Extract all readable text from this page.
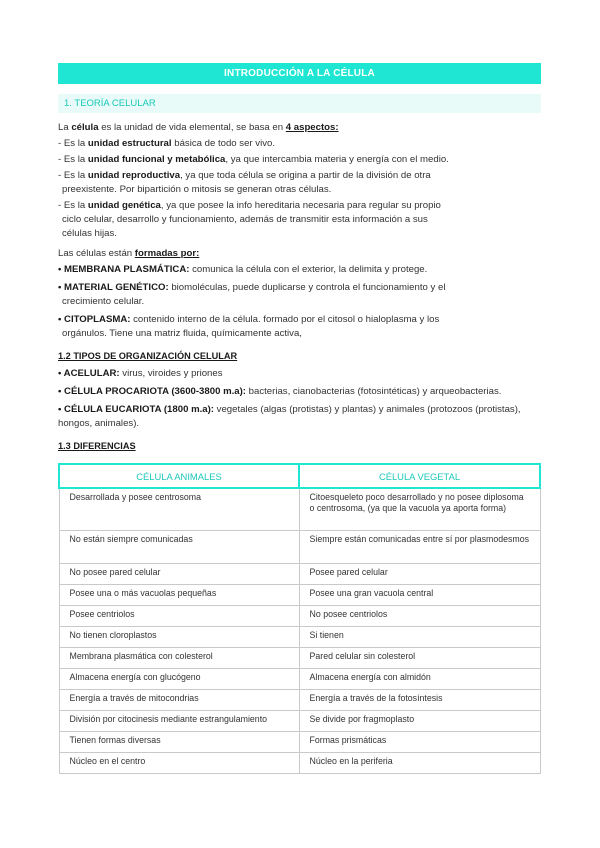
INTRODUCCIÓN A LA CÉLULA
1. TEORÍA CELULAR
La célula es la unidad de vida elemental, se basa en 4 aspectos:
- Es la unidad estructural básica de todo ser vivo.
- Es la unidad funcional y metabólica, ya que intercambia materia y energía con el medio.
- Es la unidad reproductiva, ya que toda célula se origina a partir de la división de otra
preexistente. Por bipartición o mitosis se generan otras células.
- Es la unidad genética, ya que posee la info hereditaria necesaria para regular su propio
ciclo celular, desarrollo y funcionamiento, además de transmitir esta información a sus
células hijas.
Las células están formadas por:
• MEMBRANA PLASMÁTICA: comunica la célula con el exterior, la delimita y protege.
• MATERIAL GENÉTICO: biomoléculas, puede duplicarse y controla el funcionamiento y el
crecimiento celular.
• CITOPLASMA: contenido interno de la célula. formado por el citosol o hialoplasma y los
orgánulos. Tiene una matriz fluida, químicamente activa,
1.2 TIPOS DE ORGANIZACIÓN CELULAR
• ACELULAR: virus, viroides y priones
• CÉLULA PROCARIOTA (3600-3800 m.a): bacterias, cianobacterias (fotosintéticas) y arqueobacterias.
• CÉLULA EUCARIOTA (1800 m.a): vegetales (algas (protistas) y plantas) y animales (protozoos (protistas),
hongos, animales).
1.3 DIFERENCIAS
CÉLULA ANIMALES	CÉLULA VEGETAL
Desarrollada y posee centrosoma	Citoesqueleto poco desarrollado y no posee diplosoma o centrosoma, (ya que la vacuola ya aporta forma)
No están siempre comunicadas	Siempre están comunicadas entre sí por plasmodesmos
No posee pared celular	Posee pared celular
Posee una o más vacuolas pequeñas	Posee una gran vacuola central
Posee centriolos	No posee centriolos
No tienen cloroplastos	Si tienen
Membrana plasmática con colesterol	Pared celular sin colesterol
Almacena energía con glucógeno	Almacena energía con almidón
Energía a través de mitocondrias	Energía a través de la fotosíntesis
División por citocinesis mediante estrangulamiento	Se divide por fragmoplasto
Tienen formas diversas	Formas prismáticas
Núcleo en el centro	Núcleo en la periferia
